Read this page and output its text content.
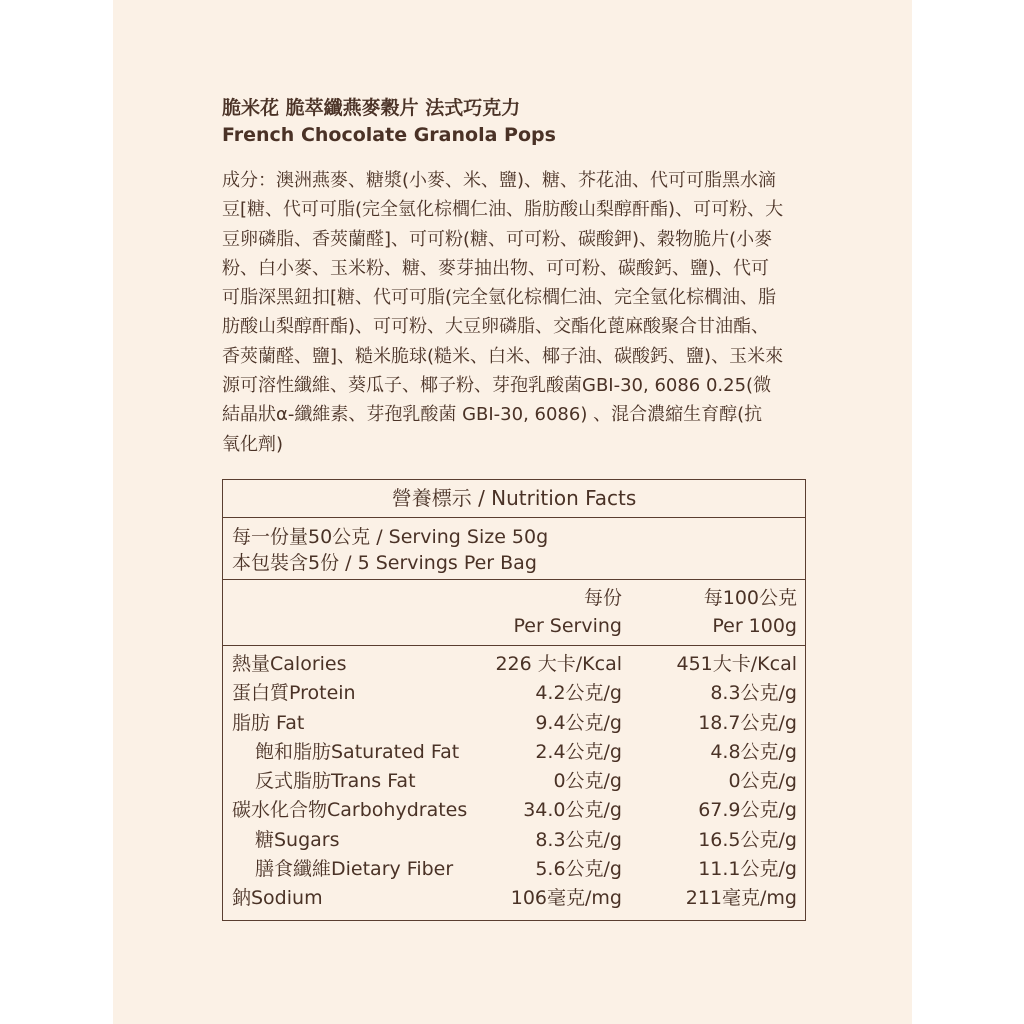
脆米花 脆萃纖燕麥穀片 法式巧克力
French Chocolate Granola Pops
成分：澳洲燕麥、糖漿(小麥、米、鹽)、糖、芥花油、代可可脂黑水滴
豆[糖、代可可脂(完全氫化棕櫚仁油、脂肪酸山梨醇酐酯)、可可粉、大
豆卵磷脂、香莢蘭醛]、可可粉(糖、可可粉、碳酸鉀)、穀物脆片(小麥
粉、白小麥、玉米粉、糖、麥芽抽出物、可可粉、碳酸鈣、鹽)、代可
可脂深黑鈕扣[糖、代可可脂(完全氫化棕櫚仁油、完全氫化棕櫚油、脂
肪酸山梨醇酐酯)、可可粉、大豆卵磷脂、交酯化蓖麻酸聚合甘油酯、
香莢蘭醛、鹽]、糙米脆球(糙米、白米、椰子油、碳酸鈣、鹽)、玉米來
源可溶性纖維、葵瓜子、椰子粉、芽孢乳酸菌GBI-30, 6086 0.25(微
結晶狀α-纖維素、芽孢乳酸菌 GBI-30, 6086) 、混合濃縮生育醇(抗
氧化劑)
營養標示 / Nutrition Facts
每一份量50公克 / Serving Size 50g
本包裝含5份 / 5 Servings Per Bag
每份
Per Serving
每100公克
Per 100g
熱量Calories	226 大卡/Kcal	451大卡/Kcal
蛋白質Protein	4.2公克/g	8.3公克/g
脂肪 Fat	9.4公克/g	18.7公克/g
飽和脂肪Saturated Fat	2.4公克/g	4.8公克/g
反式脂肪Trans Fat	0公克/g	0公克/g
碳水化合物Carbohydrates	34.0公克/g	67.9公克/g
糖Sugars	8.3公克/g	16.5公克/g
膳食纖維Dietary Fiber	5.6公克/g	11.1公克/g
鈉Sodium	106毫克/mg	211毫克/mg
